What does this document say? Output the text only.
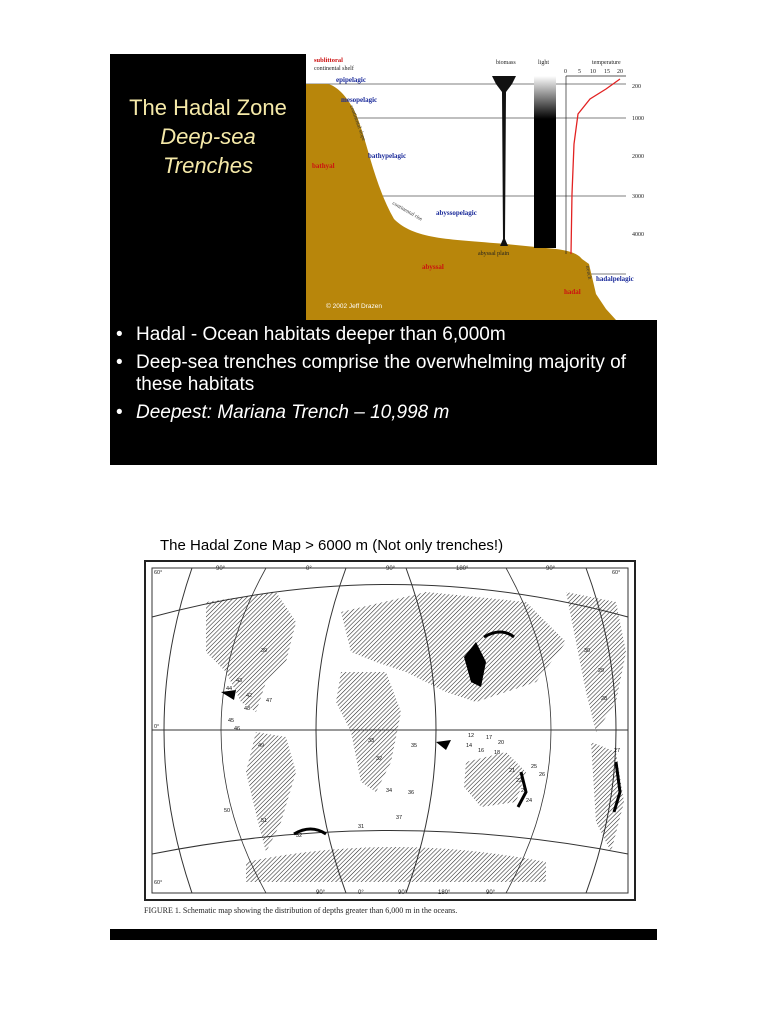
The Hadal Zone
Deep-sea
Trenches
sublittoral
continental shelf
epipelagic
mesopelagic
bathypelagic
bathyal
abyssopelagic
abyssal
abyssal plain
hadal
hadalpelagic
trench
continental slope
continental rise
biomass	light	temperature
0 5 10 15 20
200
1000
2000
3000
4000
© 2002 Jeff Drazen
• Hadal - Ocean habitats deeper than 6,000m
• Deep-sea trenches comprise the overwhelming majority of these habitats
• Deepest: Mariana Trench – 10,998 m
The Hadal Zone Map > 6000 m (Not only trenches!)
90°	0°	90°	180°	90°
90°	0°	90°	180°	90°
60°	60°
0°
60°
39
43
44
42
45
46
49
47
48
50
51
52
33
32
35
34	36
37
31
30
29
28
25
26
27
20
21
22
23
24
12
14
17
18
16
FIGURE 1. Schematic map showing the distribution of depths greater than 6,000 m in the oceans.
